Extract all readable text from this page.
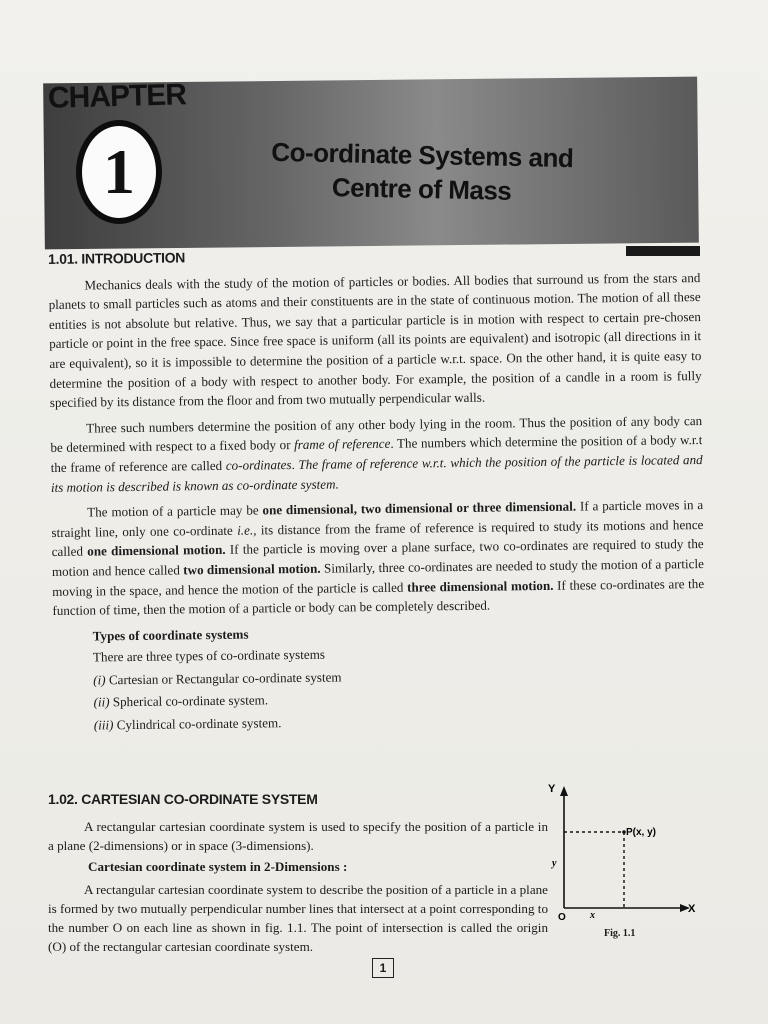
CHAPTER
1	Co-ordinate Systems and
Centre of Mass
1.01. INTRODUCTION

Mechanics deals with the study of the motion of particles or bodies. All bodies that surround us from the stars and planets to small particles such as atoms and their constituents are in the state of continuous motion. The motion of all these entities is not absolute but relative. Thus, we say that a particular particle is in motion with respect to certain pre-chosen particle or point in the free space. Since free space is uniform (all its points are equivalent) and isotropic (all directions in it are equivalent), so it is impossible to determine the position of a particle w.r.t. space. On the other hand, it is quite easy to determine the position of a body with respect to another body. For example, the position of a candle in a room is fully specified by its distance from the floor and from two mutually perpendicular walls.

Three such numbers determine the position of any other body lying in the room. Thus the position of any body can be determined with respect to a fixed body or frame of reference. The numbers which determine the position of a body w.r.t the frame of reference are called co-ordinates. The frame of reference w.r.t. which the position of the particle is located and its motion is described is known as co-ordinate system.

The motion of a particle may be one dimensional, two dimensional or three dimensional. If a particle moves in a straight line, only one co-ordinate i.e., its distance from the frame of reference is required to study its motions and hence called one dimensional motion. If the particle is moving over a plane surface, two co-ordinates are required to study the motion and hence called two dimensional motion. Similarly, three co-ordinates are needed to study the motion of a particle moving in the space, and hence the motion of the particle is called three dimensional motion. If these co-ordinates are the function of time, then the motion of a particle or body can be completely described.

Types of coordinate systems
There are three types of co-ordinate systems
(i) Cartesian or Rectangular co-ordinate system
(ii) Spherical co-ordinate system.
(iii) Cylindrical co-ordinate system.
1.02. CARTESIAN CO-ORDINATE SYSTEM

A rectangular cartesian coordinate system is used to specify the position of a particle in a plane (2-dimensions) or in space (3-dimensions).

Cartesian coordinate system in 2-Dimensions :

A rectangular cartesian coordinate system to describe the position of a particle in a plane is formed by two mutually perpendicular number lines that intersect at a point corresponding to the number O on each line as shown in fig. 1.1. The point of intersection is called the origin (O) of the rectangular cartesian coordinate system.

Y
X
P(x, y)
y
x
O
Fig. 1.1
1
